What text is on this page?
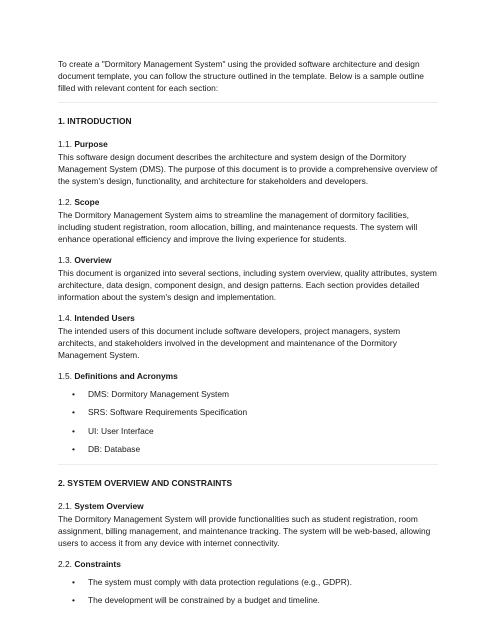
To create a "Dormitory Management System" using the provided software architecture and design document template, you can follow the structure outlined in the template. Below is a sample outline filled with relevant content for each section:

1. INTRODUCTION

1.1. Purpose

This software design document describes the architecture and system design of the Dormitory Management System (DMS). The purpose of this document is to provide a comprehensive overview of the system's design, functionality, and architecture for stakeholders and developers.

1.2. Scope

The Dormitory Management System aims to streamline the management of dormitory facilities, including student registration, room allocation, billing, and maintenance requests. The system will enhance operational efficiency and improve the living experience for students.

1.3. Overview

This document is organized into several sections, including system overview, quality attributes, system architecture, data design, component design, and design patterns. Each section provides detailed information about the system's design and implementation.

1.4. Intended Users

The intended users of this document include software developers, project managers, system architects, and stakeholders involved in the development and maintenance of the Dormitory Management System.

1.5. Definitions and Acronyms

• DMS: Dormitory Management System
• SRS: Software Requirements Specification
• UI: User Interface
• DB: Database

2. SYSTEM OVERVIEW AND CONSTRAINTS

2.1. System Overview

The Dormitory Management System will provide functionalities such as student registration, room assignment, billing management, and maintenance tracking. The system will be web-based, allowing users to access it from any device with internet connectivity.

2.2. Constraints

• The system must comply with data protection regulations (e.g., GDPR).
• The development will be constrained by a budget and timeline.
